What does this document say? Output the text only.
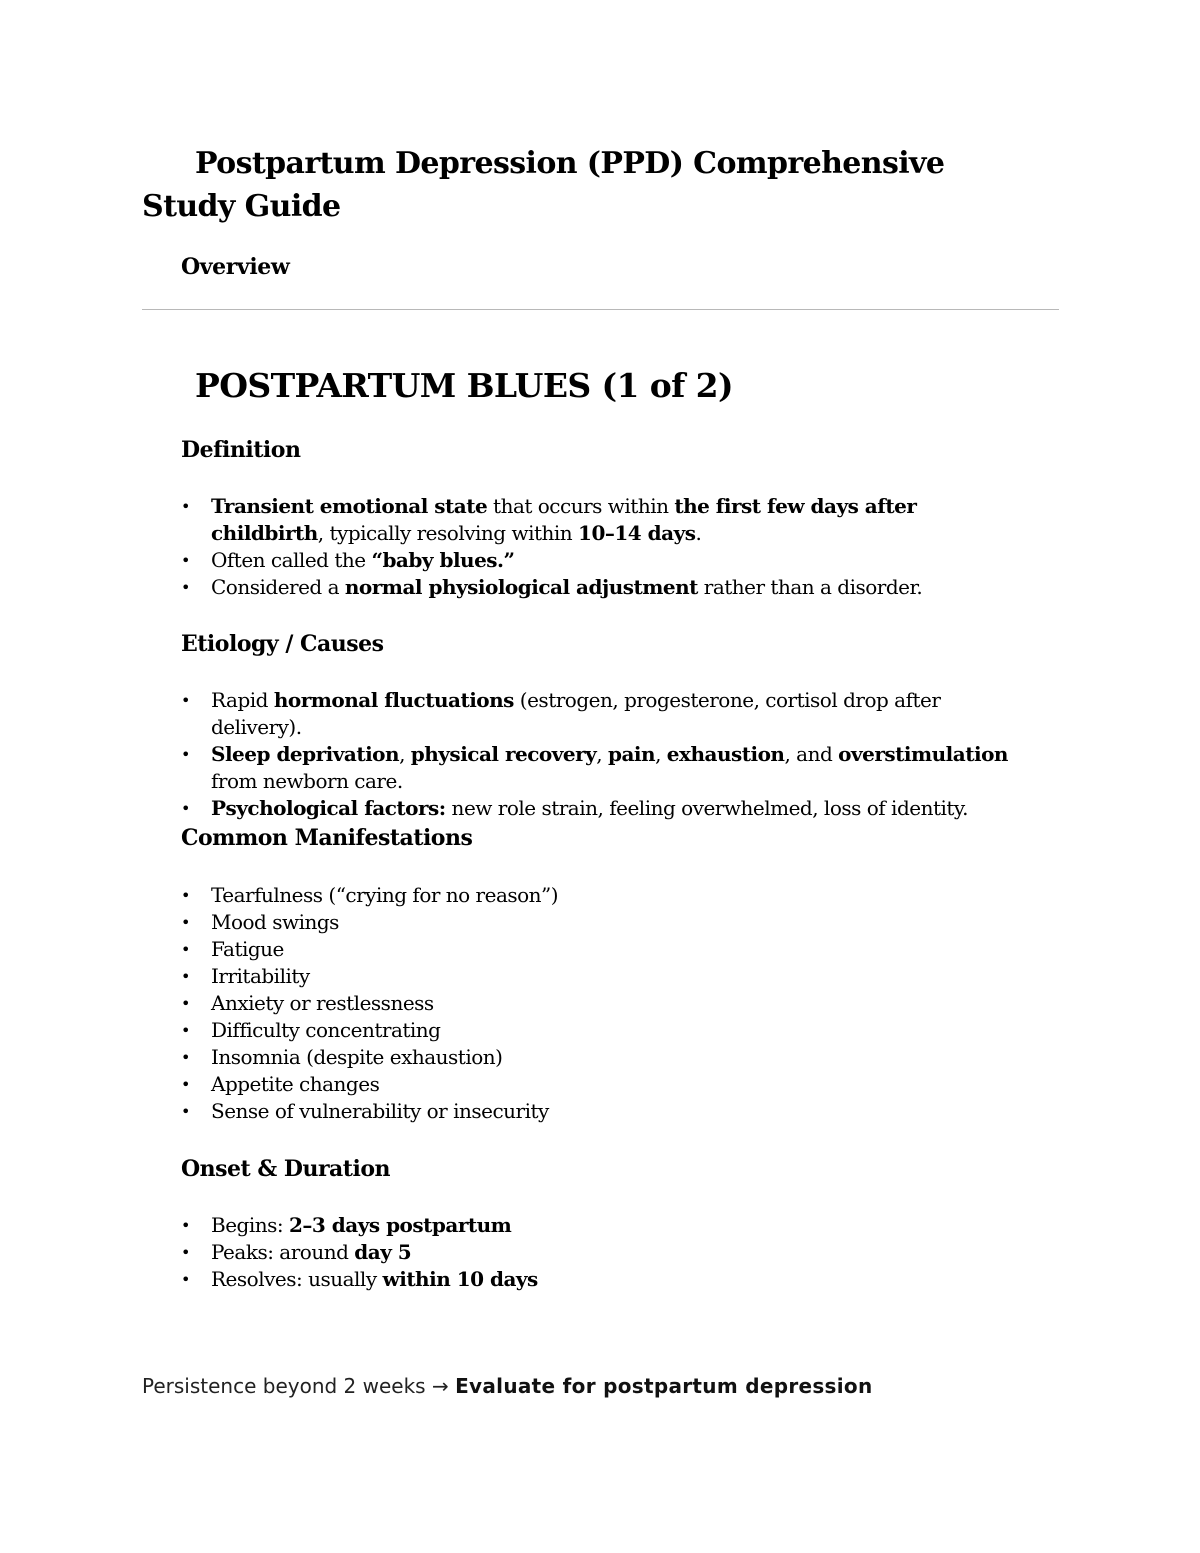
Postpartum Depression (PPD) Comprehensive Study Guide
Overview
POSTPARTUM BLUES (1 of 2)
Definition
• Transient emotional state that occurs within the first few days after childbirth, typically resolving within 10–14 days.
• Often called the “baby blues.”
• Considered a normal physiological adjustment rather than a disorder.
Etiology / Causes
• Rapid hormonal fluctuations (estrogen, progesterone, cortisol drop after delivery).
• Sleep deprivation, physical recovery, pain, exhaustion, and overstimulation from newborn care.
• Psychological factors: new role strain, feeling overwhelmed, loss of identity.
Common Manifestations
• Tearfulness (“crying for no reason”)
• Mood swings
• Fatigue
• Irritability
• Anxiety or restlessness
• Difficulty concentrating
• Insomnia (despite exhaustion)
• Appetite changes
• Sense of vulnerability or insecurity
Onset & Duration
• Begins: 2–3 days postpartum
• Peaks: around day 5
• Resolves: usually within 10 days

Persistence beyond 2 weeks → Evaluate for postpartum depression
